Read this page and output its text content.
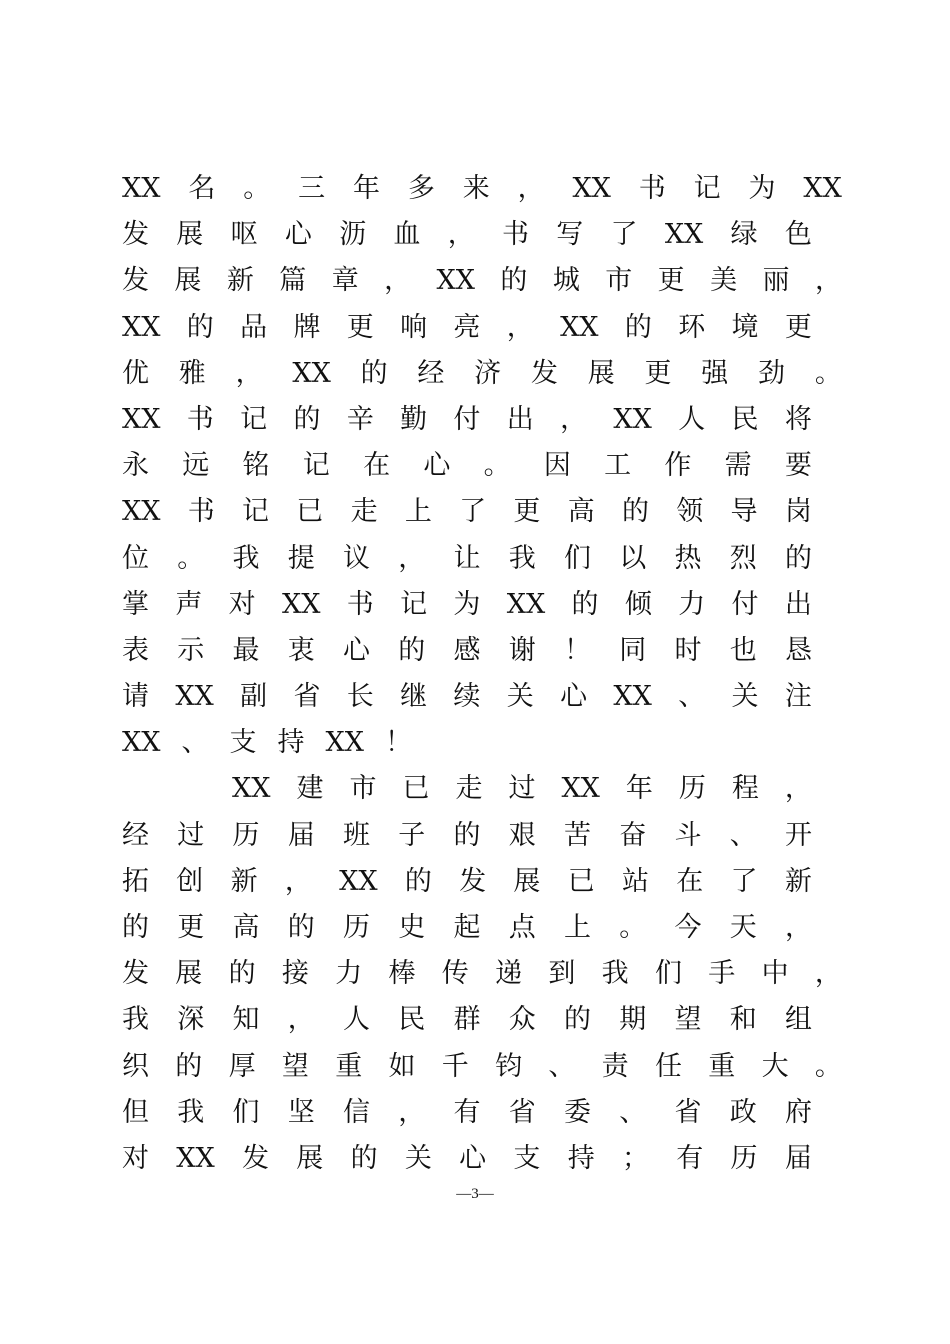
XX 名 。 三 年 多 来 ， XX 书 记 为 XX
发 展 呕 心 沥 血 ， 书 写 了 XX 绿 色
发 展 新 篇 章 ， XX 的 城 市 更 美 丽 ，
XX 的 品 牌 更 响 亮 ， XX 的 环 境 更
优 雅 ， XX 的 经 济 发 展 更 强 劲 。
XX 书 记 的 辛 勤 付 出 ， XX 人 民 将
永 远 铭 记 在 心 。 因 工 作 需 要
XX 书 记 已 走 上 了 更 高 的 领 导 岗
位 。 我 提 议 ， 让 我 们 以 热 烈 的
掌 声 对 XX 书 记 为 XX 的 倾 力 付 出
表 示 最 衷 心 的 感 谢 ！ 同 时 也 恳
请 XX 副 省 长 继 续 关 心 XX 、 关 注
XX 、 支 持 XX ！
XX 建 市 已 走 过 XX 年 历 程 ，
经 过 历 届 班 子 的 艰 苦 奋 斗 、 开
拓 创 新 ， XX 的 发 展 已 站 在 了 新
的 更 高 的 历 史 起 点 上 。 今 天 ，
发 展 的 接 力 棒 传 递 到 我 们 手 中 ，
我 深 知 ， 人 民 群 众 的 期 望 和 组
织 的 厚 望 重 如 千 钧 、 责 任 重 大 。
但 我 们 坚 信 ， 有 省 委 、 省 政 府
对 XX 发 展 的 关 心 支 持 ； 有 历 届
—3—
